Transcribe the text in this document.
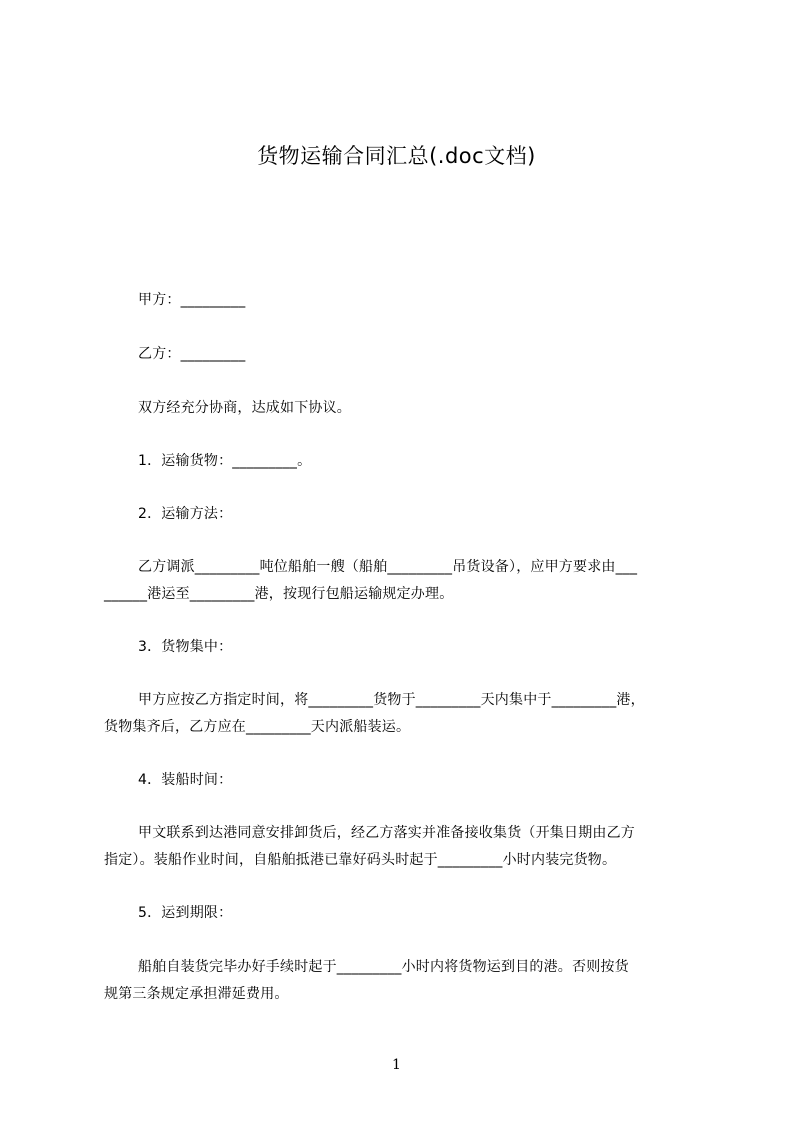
货物运输合同汇总(.doc文档)
甲方：_________
乙方：_________
双方经充分协商，达成如下协议。
1．运输货物：_________。
2．运输方法：
乙方调派_________吨位船舶一艘（船舶_________吊货设备），应甲方要求由___
______港运至_________港，按现行包船运输规定办理。
3．货物集中：
甲方应按乙方指定时间，将_________货物于_________天内集中于_________港，
货物集齐后，乙方应在_________天内派船装运。
4．装船时间：
甲文联系到达港同意安排卸货后，经乙方落实并准备接收集货（开集日期由乙方
指定）。装船作业时间，自船舶抵港已靠好码头时起于_________小时内装完货物。
5．运到期限：
船舶自装货完毕办好手续时起于_________小时内将货物运到目的港。否则按货
规第三条规定承担滞延费用。
1
